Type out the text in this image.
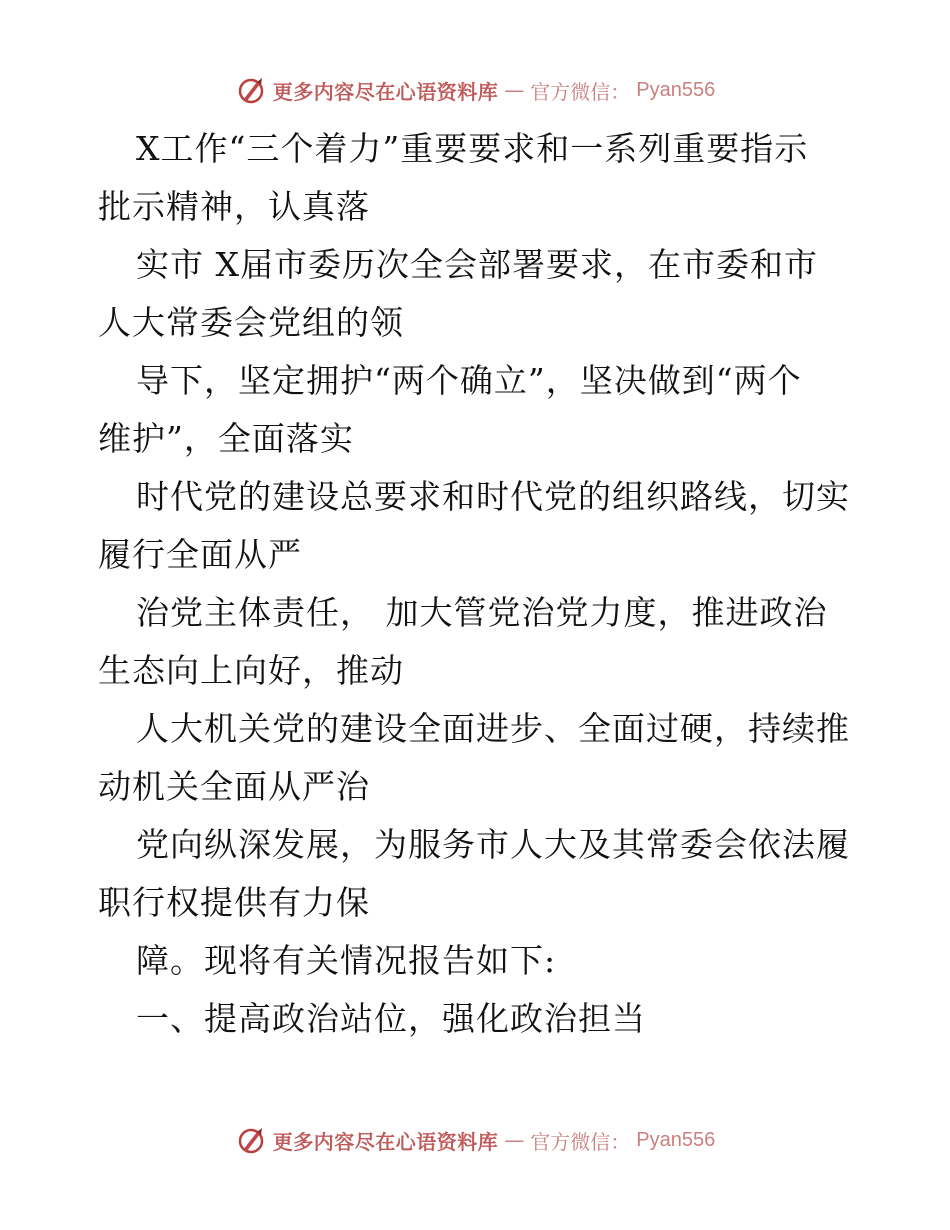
更多内容尽在心语资料库 — 官方微信： Pyan556
X工作“三个着力”重要要求和一系列重要指示
批示精神，认真落
实市 X届市委历次全会部署要求，在市委和市
人大常委会党组的领
导下，坚定拥护“两个确立”，坚决做到“两个
维护”，全面落实
时代党的建设总要求和时代党的组织路线，切实
履行全面从严
治党主体责任， 加大管党治党力度，推进政治
生态向上向好，推动
人大机关党的建设全面进步、全面过硬，持续推
动机关全面从严治
党向纵深发展，为服务市人大及其常委会依法履
职行权提供有力保
障。现将有关情况报告如下:
一、提高政治站位，强化政治担当
更多内容尽在心语资料库 — 官方微信： Pyan556
